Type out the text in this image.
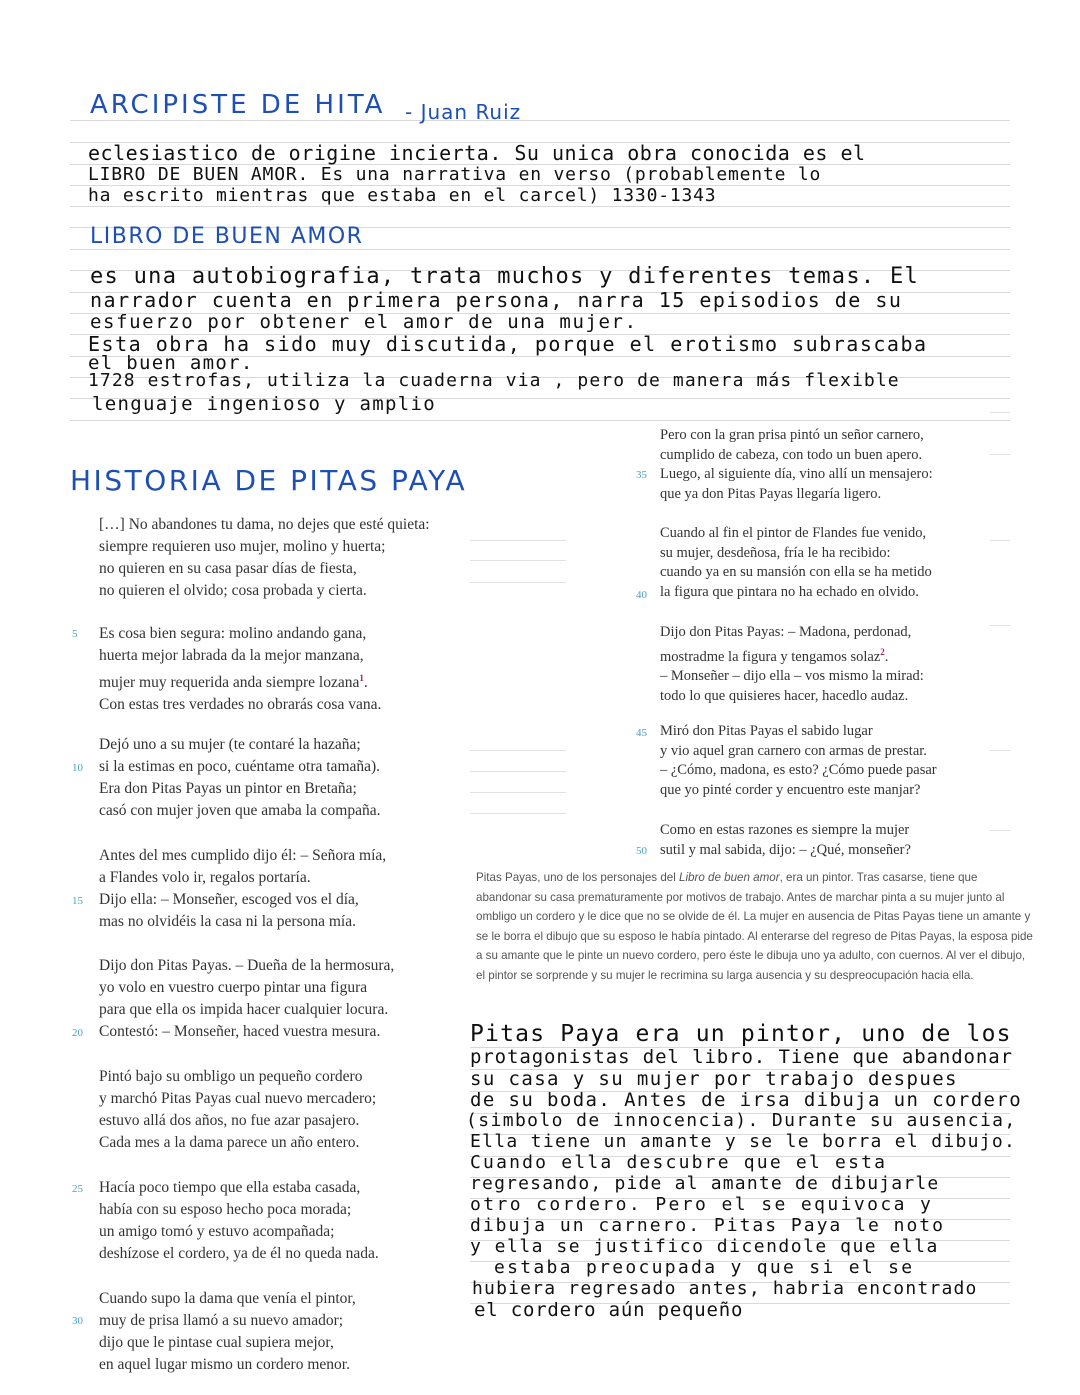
ARCIPISTE DE HITA - Juan Ruiz
eclesiastico de origine incierta. Su unica obra conocida es el
LIBRO DE BUEN AMOR. Es una narrativa en verso (probablemente lo
ha escrito mientras que estaba en el carcel) 1330-1343
LIBRO DE BUEN AMOR
es una autobiografia, trata muchos y diferentes temas. El
narrador cuenta en primera persona, narra 15 episodios de su
esfuerzo por obtener el amor de una mujer.
Esta obra ha sido muy discutida, porque el erotismo subrascaba
el buen amor.
1728 estrofas, utiliza la cuaderna via , pero de manera más flexible
lenguaje ingenioso y amplio
HISTORIA DE PITAS PAYA
5
10
15
20
25
30
[…] No abandones tu dama, no dejes que esté quieta:
siempre requieren uso mujer, molino y huerta;
no quieren en su casa pasar días de fiesta,
no quieren el olvido; cosa probada y cierta.
Es cosa bien segura: molino andando gana,
huerta mejor labrada da la mejor manzana,
mujer muy requerida anda siempre lozana$^1$.
Con estas tres verdades no obrarás cosa vana.
Dejó uno a su mujer (te contaré la hazaña;
si la estimas en poco, cuéntame otra tamaña).
Era don Pitas Payas un pintor en Bretaña;
casó con mujer joven que amaba la compaña.
Antes del mes cumplido dijo él: – Señora mía,
a Flandes volo ir, regalos portaría.
Dijo ella: – Monseñer, escoged vos el día,
mas no olvidéis la casa ni la persona mía.
Dijo don Pitas Payas. – Dueña de la hermosura,
yo volo en vuestro cuerpo pintar una figura
para que ella os impida hacer cualquier locura.
Contestó: – Monseñer, haced vuestra mesura.
Pintó bajo su ombligo un pequeño cordero
y marchó Pitas Payas cual nuevo mercadero;
estuvo allá dos años, no fue azar pasajero.
Cada mes a la dama parece un año entero.
Hacía poco tiempo que ella estaba casada,
había con su esposo hecho poca morada;
un amigo tomó y estuvo acompañada;
deshízose el cordero, ya de él no queda nada.
Cuando supo la dama que venía el pintor,
muy de prisa llamó a su nuevo amador;
dijo que le pintase cual supiera mejor,
en aquel lugar mismo un cordero menor.
35
40
45
50
Pero con la gran prisa pintó un señor carnero,
cumplido de cabeza, con todo un buen apero.
Luego, al siguiente día, vino allí un mensajero:
que ya don Pitas Payas llegaría ligero.
Cuando al fin el pintor de Flandes fue venido,
su mujer, desdeñosa, fría le ha recibido:
cuando ya en su mansión con ella se ha metido
la figura que pintara no ha echado en olvido.
Dijo don Pitas Payas: – Madona, perdonad,
mostradme la figura y tengamos solaz$^2$.
– Monseñer – dijo ella – vos mismo la mirad:
todo lo que quisieres hacer, hacedlo audaz.
Miró don Pitas Payas el sabido lugar
y vio aquel gran carnero con armas de prestar.
– ¿Cómo, madona, es esto? ¿Cómo puede pasar
que yo pinté corder y encuentro este manjar?
Como en estas razones es siempre la mujer
sutil y mal sabida, dijo: – ¿Qué, monseñer?

Pitas Payas, uno de los personajes del Libro de buen amor, era un pintor. Tras casarse, tiene que abandonar su casa prematuramente por motivos de trabajo. Antes de marchar pinta a su mujer junto al ombligo un cordero y le dice que no se olvide de él. La mujer en ausencia de Pitas Payas tiene un amante y se le borra el dibujo que su esposo le había pintado. Al enterarse del regreso de Pitas Payas, la esposa pide a su amante que le pinte un nuevo cordero, pero éste le dibuja uno ya adulto, con cuernos. Al ver el dibujo, el pintor se sorprende y su mujer le recrimina su larga ausencia y su despreocupación hacia ella.

Pitas Paya era un pintor, uno de los
protagonistas del libro. Tiene que abandonar
su casa y su mujer por trabajo despues
de su boda. Antes de irsa dibuja un cordero
(simbolo de innocencia). Durante su ausencia,
Ella tiene un amante y se le borra el dibujo.
Cuando ella descubre que el esta
regresando, pide al amante de dibujarle
otro cordero. Pero el se equivoca y
dibuja un carnero. Pitas Paya le noto
y ella se justifico dicendole que ella
estaba preocupada y que si el se
hubiera regresado antes, habria encontrado
el cordero aún pequeño
